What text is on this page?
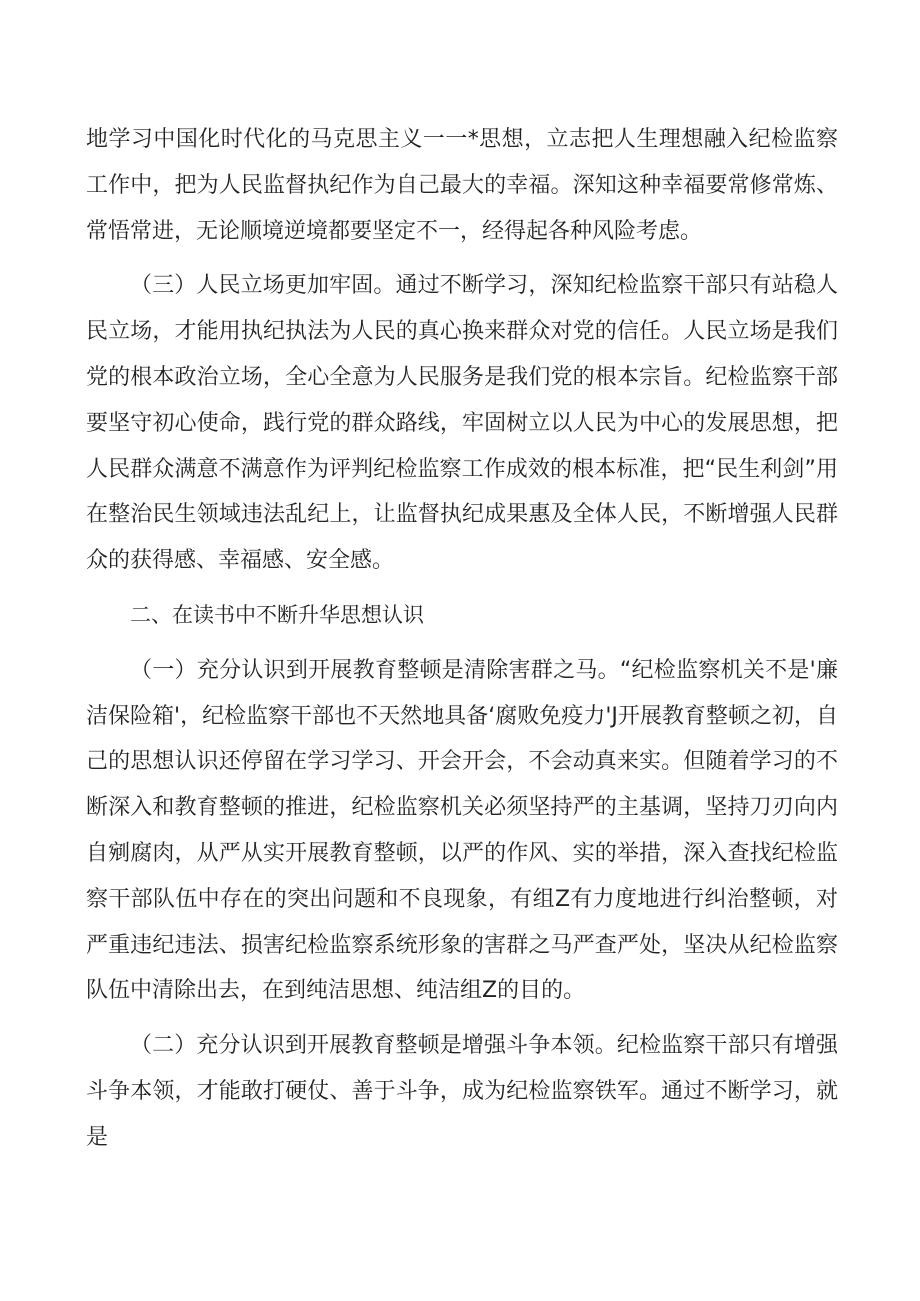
地学习中国化时代化的马克思主义一一*思想，立志把人生理想融入纪检监察工作中，把为人民监督执纪作为自己最大的幸福。深知这种幸福要常修常炼、常悟常进，无论顺境逆境都要坚定不一，经得起各种风险考虑。

（三）人民立场更加牢固。通过不断学习，深知纪检监察干部只有站稳人民立场，才能用执纪执法为人民的真心换来群众对党的信任。人民立场是我们党的根本政治立场，全心全意为人民服务是我们党的根本宗旨。纪检监察干部要坚守初心使命，践行党的群众路线，牢固树立以人民为中心的发展思想，把人民群众满意不满意作为评判纪检监察工作成效的根本标准，把“民生利剑”用在整治民生领域违法乱纪上，让监督执纪成果惠及全体人民，不断增强人民群众的获得感、幸福感、安全感。

二、在读书中不断升华思想认识

（一）充分认识到开展教育整顿是清除害群之马。“纪检监察机关不是'廉洁保险箱'，纪检监察干部也不天然地具备‘腐败免疫力'J开展教育整顿之初，自己的思想认识还停留在学习学习、开会开会，不会动真来实。但随着学习的不断深入和教育整顿的推进，纪检监察机关必须坚持严的主基调，坚持刀刃向内自剜腐肉，从严从实开展教育整顿，以严的作风、实的举措，深入查找纪检监察干部队伍中存在的突出问题和不良现象，有组Z有力度地进行纠治整顿，对严重违纪违法、损害纪检监察系统形象的害群之马严查严处，坚决从纪检监察队伍中清除出去，在到纯洁思想、纯洁组Z的目的。

（二）充分认识到开展教育整顿是增强斗争本领。纪检监察干部只有增强斗争本领，才能敢打硬仗、善于斗争，成为纪检监察铁军。通过不断学习，就是
